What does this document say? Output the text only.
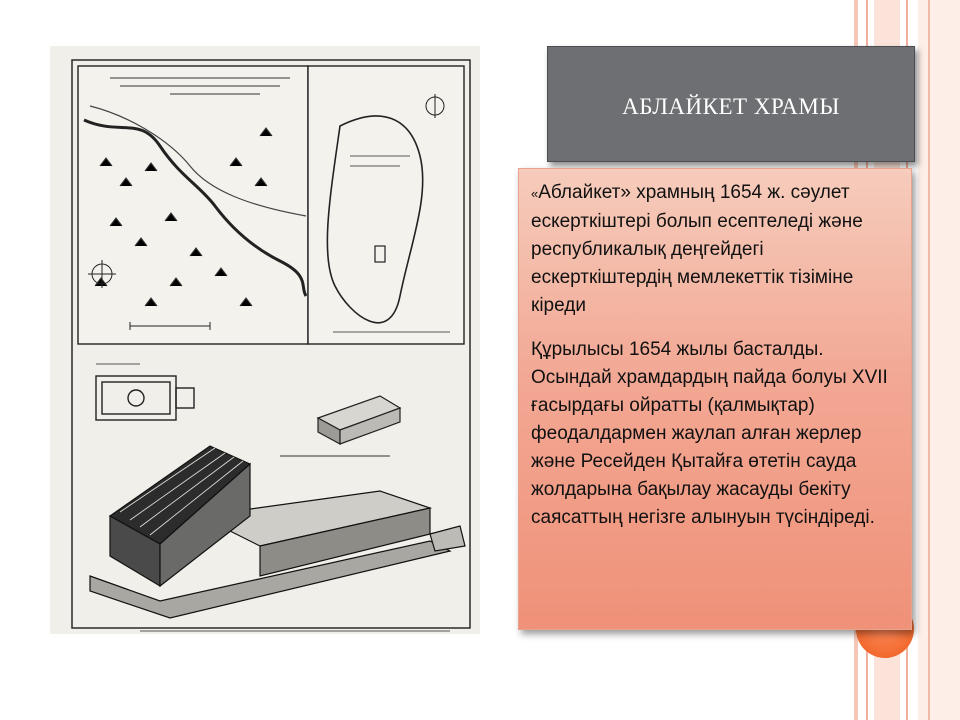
АБЛАЙКЕТ ХРАМЫ

«Аблайкет» храмның 1654 ж. сәулет ескерткіштері болып есептеледі және республикалық деңгейдегі ескерткіштердің мемлекеттік тізіміне кіреди

Құрылысы 1654 жылы басталды. Осындай храмдардың пайда болуы XVII ғасырдағы ойратты (қалмықтар) феодалдармен жаулап алған жерлер және Ресейден Қытайға өтетін сауда жолдарына бақылау жасауды бекіту саясаттың негізге алынуын түсіндіреді.
